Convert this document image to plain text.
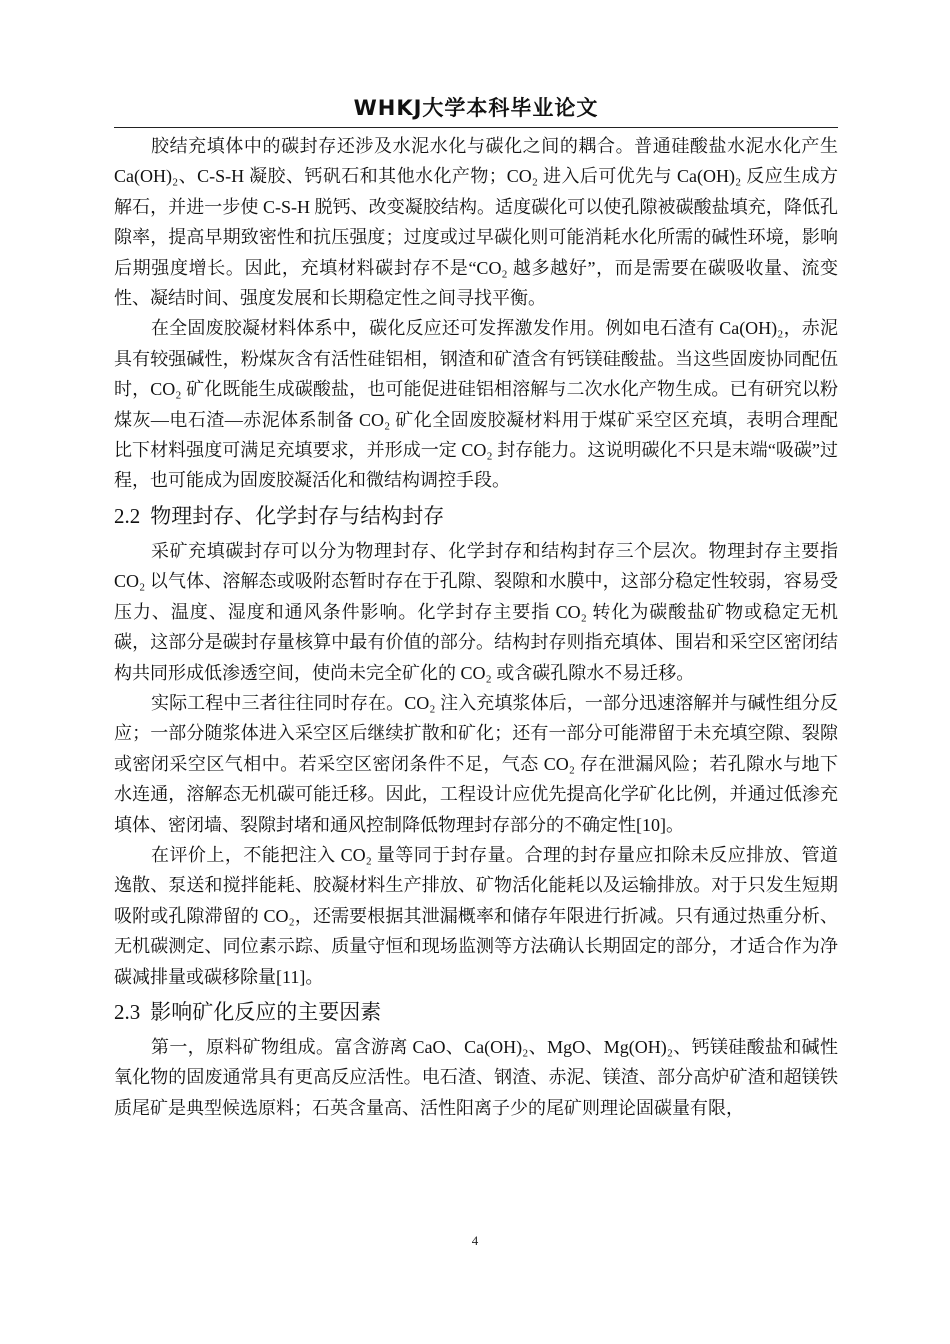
WHKJ大学本科毕业论文

胶结充填体中的碳封存还涉及水泥水化与碳化之间的耦合。普通硅酸盐水泥水化产生 Ca(OH)₂、C-S-H 凝胶、钙矾石和其他水化产物；CO₂ 进入后可优先与 Ca(OH)₂ 反应生成方解石，并进一步使 C-S-H 脱钙、改变凝胶结构。适度碳化可以使孔隙被碳酸盐填充，降低孔隙率，提高早期致密性和抗压强度；过度或过早碳化则可能消耗水化所需的碱性环境，影响后期强度增长。因此，充填材料碳封存不是“CO₂ 越多越好”，而是需要在碳吸收量、流变性、凝结时间、强度发展和长期稳定性之间寻找平衡。

在全固废胶凝材料体系中，碳化反应还可发挥激发作用。例如电石渣有 Ca(OH)₂，赤泥具有较强碱性，粉煤灰含有活性硅铝相，钢渣和矿渣含有钙镁硅酸盐。当这些固废协同配伍时，CO₂ 矿化既能生成碳酸盐，也可能促进硅铝相溶解与二次水化产物生成。已有研究以粉煤灰—电石渣—赤泥体系制备 CO₂ 矿化全固废胶凝材料用于煤矿采空区充填，表明合理配比下材料强度可满足充填要求，并形成一定 CO₂ 封存能力。这说明碳化不只是末端“吸碳”过程，也可能成为固废胶凝活化和微结构调控手段。

2.2 物理封存、化学封存与结构封存

采矿充填碳封存可以分为物理封存、化学封存和结构封存三个层次。物理封存主要指 CO₂ 以气体、溶解态或吸附态暂时存在于孔隙、裂隙和水膜中，这部分稳定性较弱，容易受压力、温度、湿度和通风条件影响。化学封存主要指 CO₂ 转化为碳酸盐矿物或稳定无机碳，这部分是碳封存量核算中最有价值的部分。结构封存则指充填体、围岩和采空区密闭结构共同形成低渗透空间，使尚未完全矿化的 CO₂ 或含碳孔隙水不易迁移。

实际工程中三者往往同时存在。CO₂ 注入充填浆体后，一部分迅速溶解并与碱性组分反应；一部分随浆体进入采空区后继续扩散和矿化；还有一部分可能滞留于未充填空隙、裂隙或密闭采空区气相中。若采空区密闭条件不足，气态 CO₂ 存在泄漏风险；若孔隙水与地下水连通，溶解态无机碳可能迁移。因此，工程设计应优先提高化学矿化比例，并通过低渗充填体、密闭墙、裂隙封堵和通风控制降低物理封存部分的不确定性[10]。

在评价上，不能把注入 CO₂ 量等同于封存量。合理的封存量应扣除未反应排放、管道逸散、泵送和搅拌能耗、胶凝材料生产排放、矿物活化能耗以及运输排放。对于只发生短期吸附或孔隙滞留的 CO₂，还需要根据其泄漏概率和储存年限进行折减。只有通过热重分析、无机碳测定、同位素示踪、质量守恒和现场监测等方法确认长期固定的部分，才适合作为净碳减排量或碳移除量[11]。

2.3 影响矿化反应的主要因素

第一，原料矿物组成。富含游离 CaO、Ca(OH)₂、MgO、Mg(OH)₂、钙镁硅酸盐和碱性氧化物的固废通常具有更高反应活性。电石渣、钢渣、赤泥、镁渣、部分高炉矿渣和超镁铁质尾矿是典型候选原料；石英含量高、活性阳离子少的尾矿则理论固碳量有限，

4
